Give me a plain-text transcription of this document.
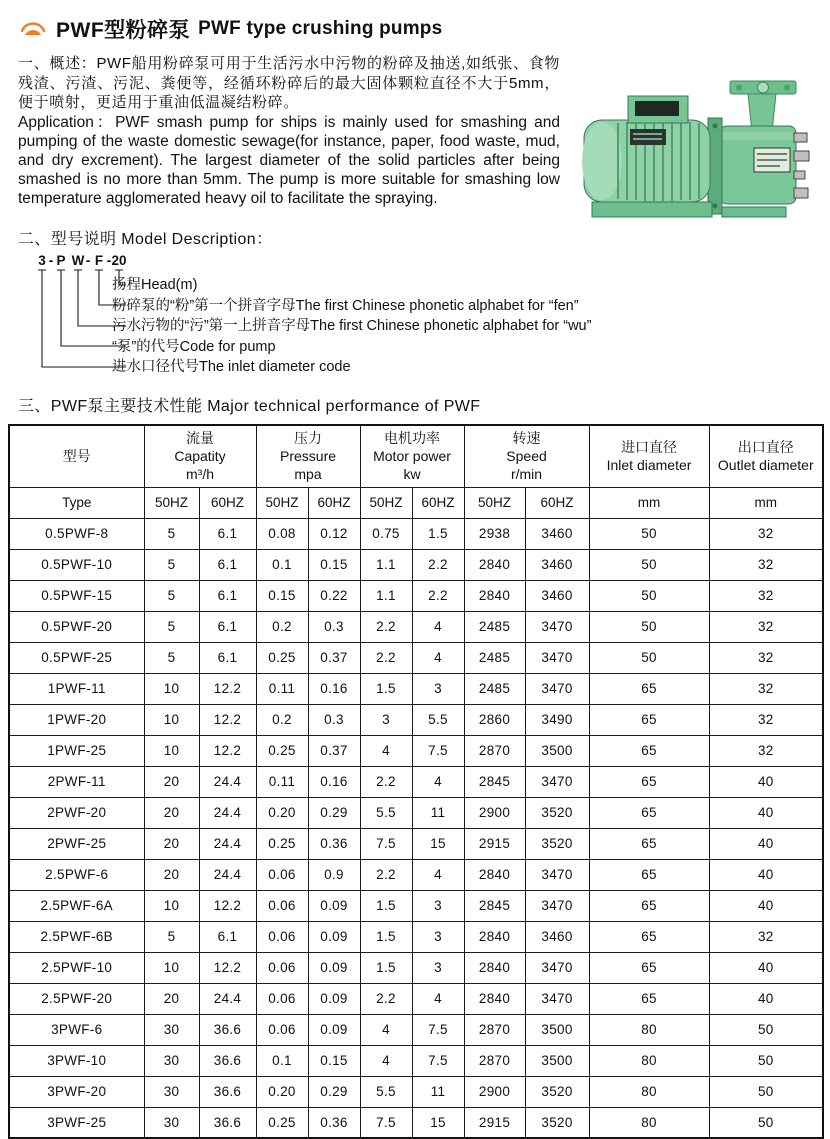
PWF型粉碎泵 PWF type crushing pumps

一、概述：PWF船用粉碎泵可用于生活污水中污物的粉碎及抽送,如纸张、食物残渣、污渣、污泥、粪便等，经循环粉碎后的最大固体颗粒直径不大于5mm，便于喷射，更适用于重油低温凝结粉碎。

Application：PWF smash pump for ships is mainly used for smashing and pumping of the waste domestic sewage(for instance, paper, food waste, mud, and dry excrement). The largest diameter of the solid particles after being smashed is no more than 5mm. The pump is more suitable for smashing low temperature agglomerated heavy oil to facilitate the spraying.

二、型号说明 Model Description：
3 - P W - F - 20
扬程Head(m)
粉碎泵的“粉”第一个拼音字母The first Chinese phonetic alphabet for “fen”
污水污物的“污”第一上拼音字母The first Chinese phonetic alphabet for “wu”
“泵”的代号Code for pump
进水口径代号The inlet diameter code
三、PWF泵主要技术性能 Major technical performance of PWF
型号	流量
Capatity
m³/h		压力
Pressure
mpa		电机功率
Motor power
kw		转速
Speed
r/min		进口直径
Inlet diameter	出口直径
Outlet diameter
Type	50HZ	60HZ	50HZ	60HZ	50HZ	60HZ	50HZ	60HZ	mm	mm
0.5PWF-8	5	6.1	0.08	0.12	0.75	1.5	2938	3460	50	32
0.5PWF-10	5	6.1	0.1	0.15	1.1	2.2	2840	3460	50	32
0.5PWF-15	5	6.1	0.15	0.22	1.1	2.2	2840	3460	50	32
0.5PWF-20	5	6.1	0.2	0.3	2.2	4	2485	3470	50	32
0.5PWF-25	5	6.1	0.25	0.37	2.2	4	2485	3470	50	32
1PWF-11	10	12.2	0.11	0.16	1.5	3	2485	3470	65	32
1PWF-20	10	12.2	0.2	0.3	3	5.5	2860	3490	65	32
1PWF-25	10	12.2	0.25	0.37	4	7.5	2870	3500	65	32
2PWF-11	20	24.4	0.11	0.16	2.2	4	2845	3470	65	40
2PWF-20	20	24.4	0.20	0.29	5.5	11	2900	3520	65	40
2PWF-25	20	24.4	0.25	0.36	7.5	15	2915	3520	65	40
2.5PWF-6	20	24.4	0.06	0.9	2.2	4	2840	3470	65	40
2.5PWF-6A	10	12.2	0.06	0.09	1.5	3	2845	3470	65	40
2.5PWF-6B	5	6.1	0.06	0.09	1.5	3	2840	3460	65	32
2.5PWF-10	10	12.2	0.06	0.09	1.5	3	2840	3470	65	40
2.5PWF-20	20	24.4	0.06	0.09	2.2	4	2840	3470	65	40
3PWF-6	30	36.6	0.06	0.09	4	7.5	2870	3500	80	50
3PWF-10	30	36.6	0.1	0.15	4	7.5	2870	3500	80	50
3PWF-20	30	36.6	0.20	0.29	5.5	11	2900	3520	80	50
3PWF-25	30	36.6	0.25	0.36	7.5	15	2915	3520	80	50
